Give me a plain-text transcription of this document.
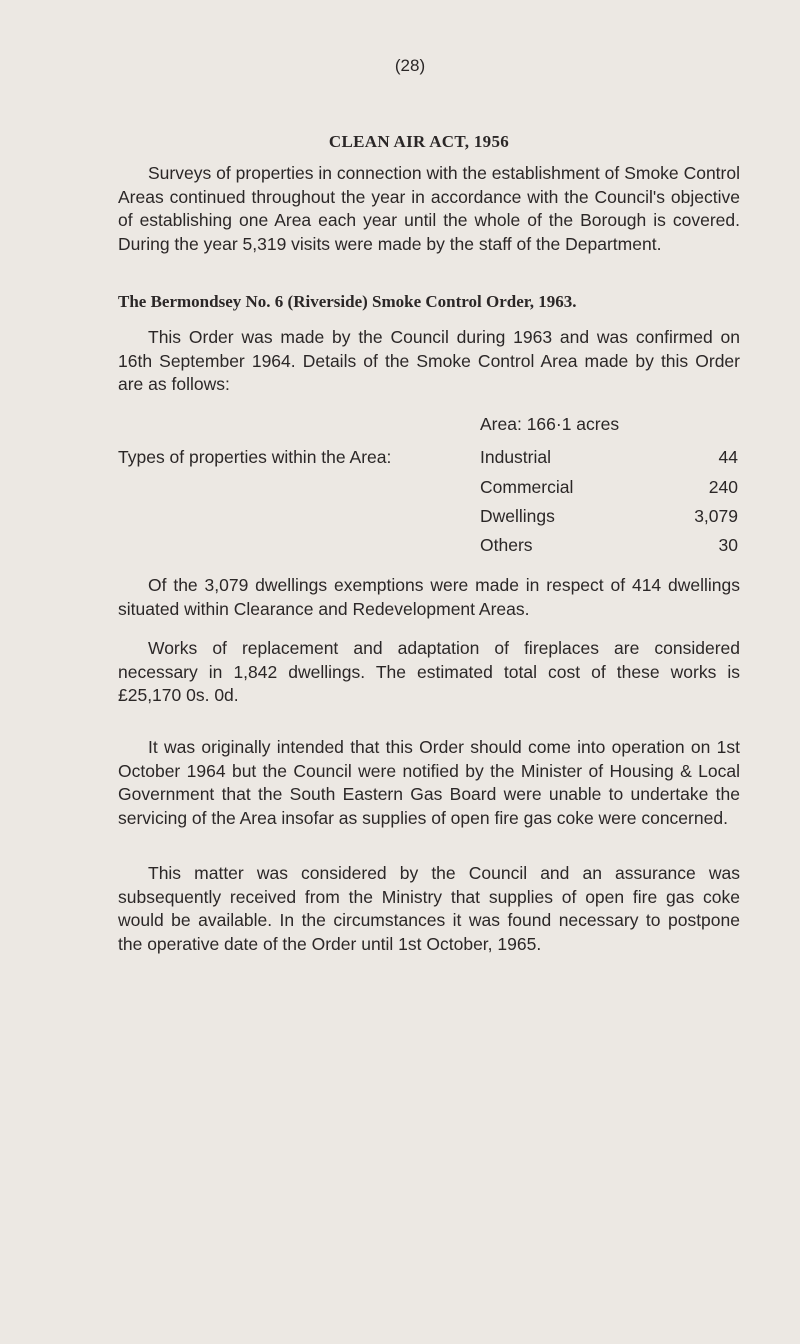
(28)
CLEAN AIR ACT, 1956
Surveys of properties in connection with the establishment of Smoke Control Areas continued throughout the year in accordance with the Council's objective of establishing one Area each year until the whole of the Borough is covered. During the year 5,319 visits were made by the staff of the Department.
The Bermondsey No. 6 (Riverside) Smoke Control Order, 1963.
This Order was made by the Council during 1963 and was confirmed on 16th September 1964. Details of the Smoke Control Area made by this Order are as follows:
Area: 166·1 acres
Types of properties within the Area:	Industrial	44
Commercial	240
Dwellings	3,079
Others	30
Of the 3,079 dwellings exemptions were made in respect of 414 dwellings situated within Clearance and Redevelopment Areas.
Works of replacement and adaptation of fireplaces are considered necessary in 1,842 dwellings. The estimated total cost of these works is £25,170 0s. 0d.
It was originally intended that this Order should come into operation on 1st October 1964 but the Council were notified by the Minister of Housing & Local Government that the South Eastern Gas Board were unable to undertake the servicing of the Area insofar as supplies of open fire gas coke were concerned.
This matter was considered by the Council and an assurance was subsequently received from the Ministry that supplies of open fire gas coke would be available. In the circumstances it was found necessary to postpone the operative date of the Order until 1st October, 1965.
